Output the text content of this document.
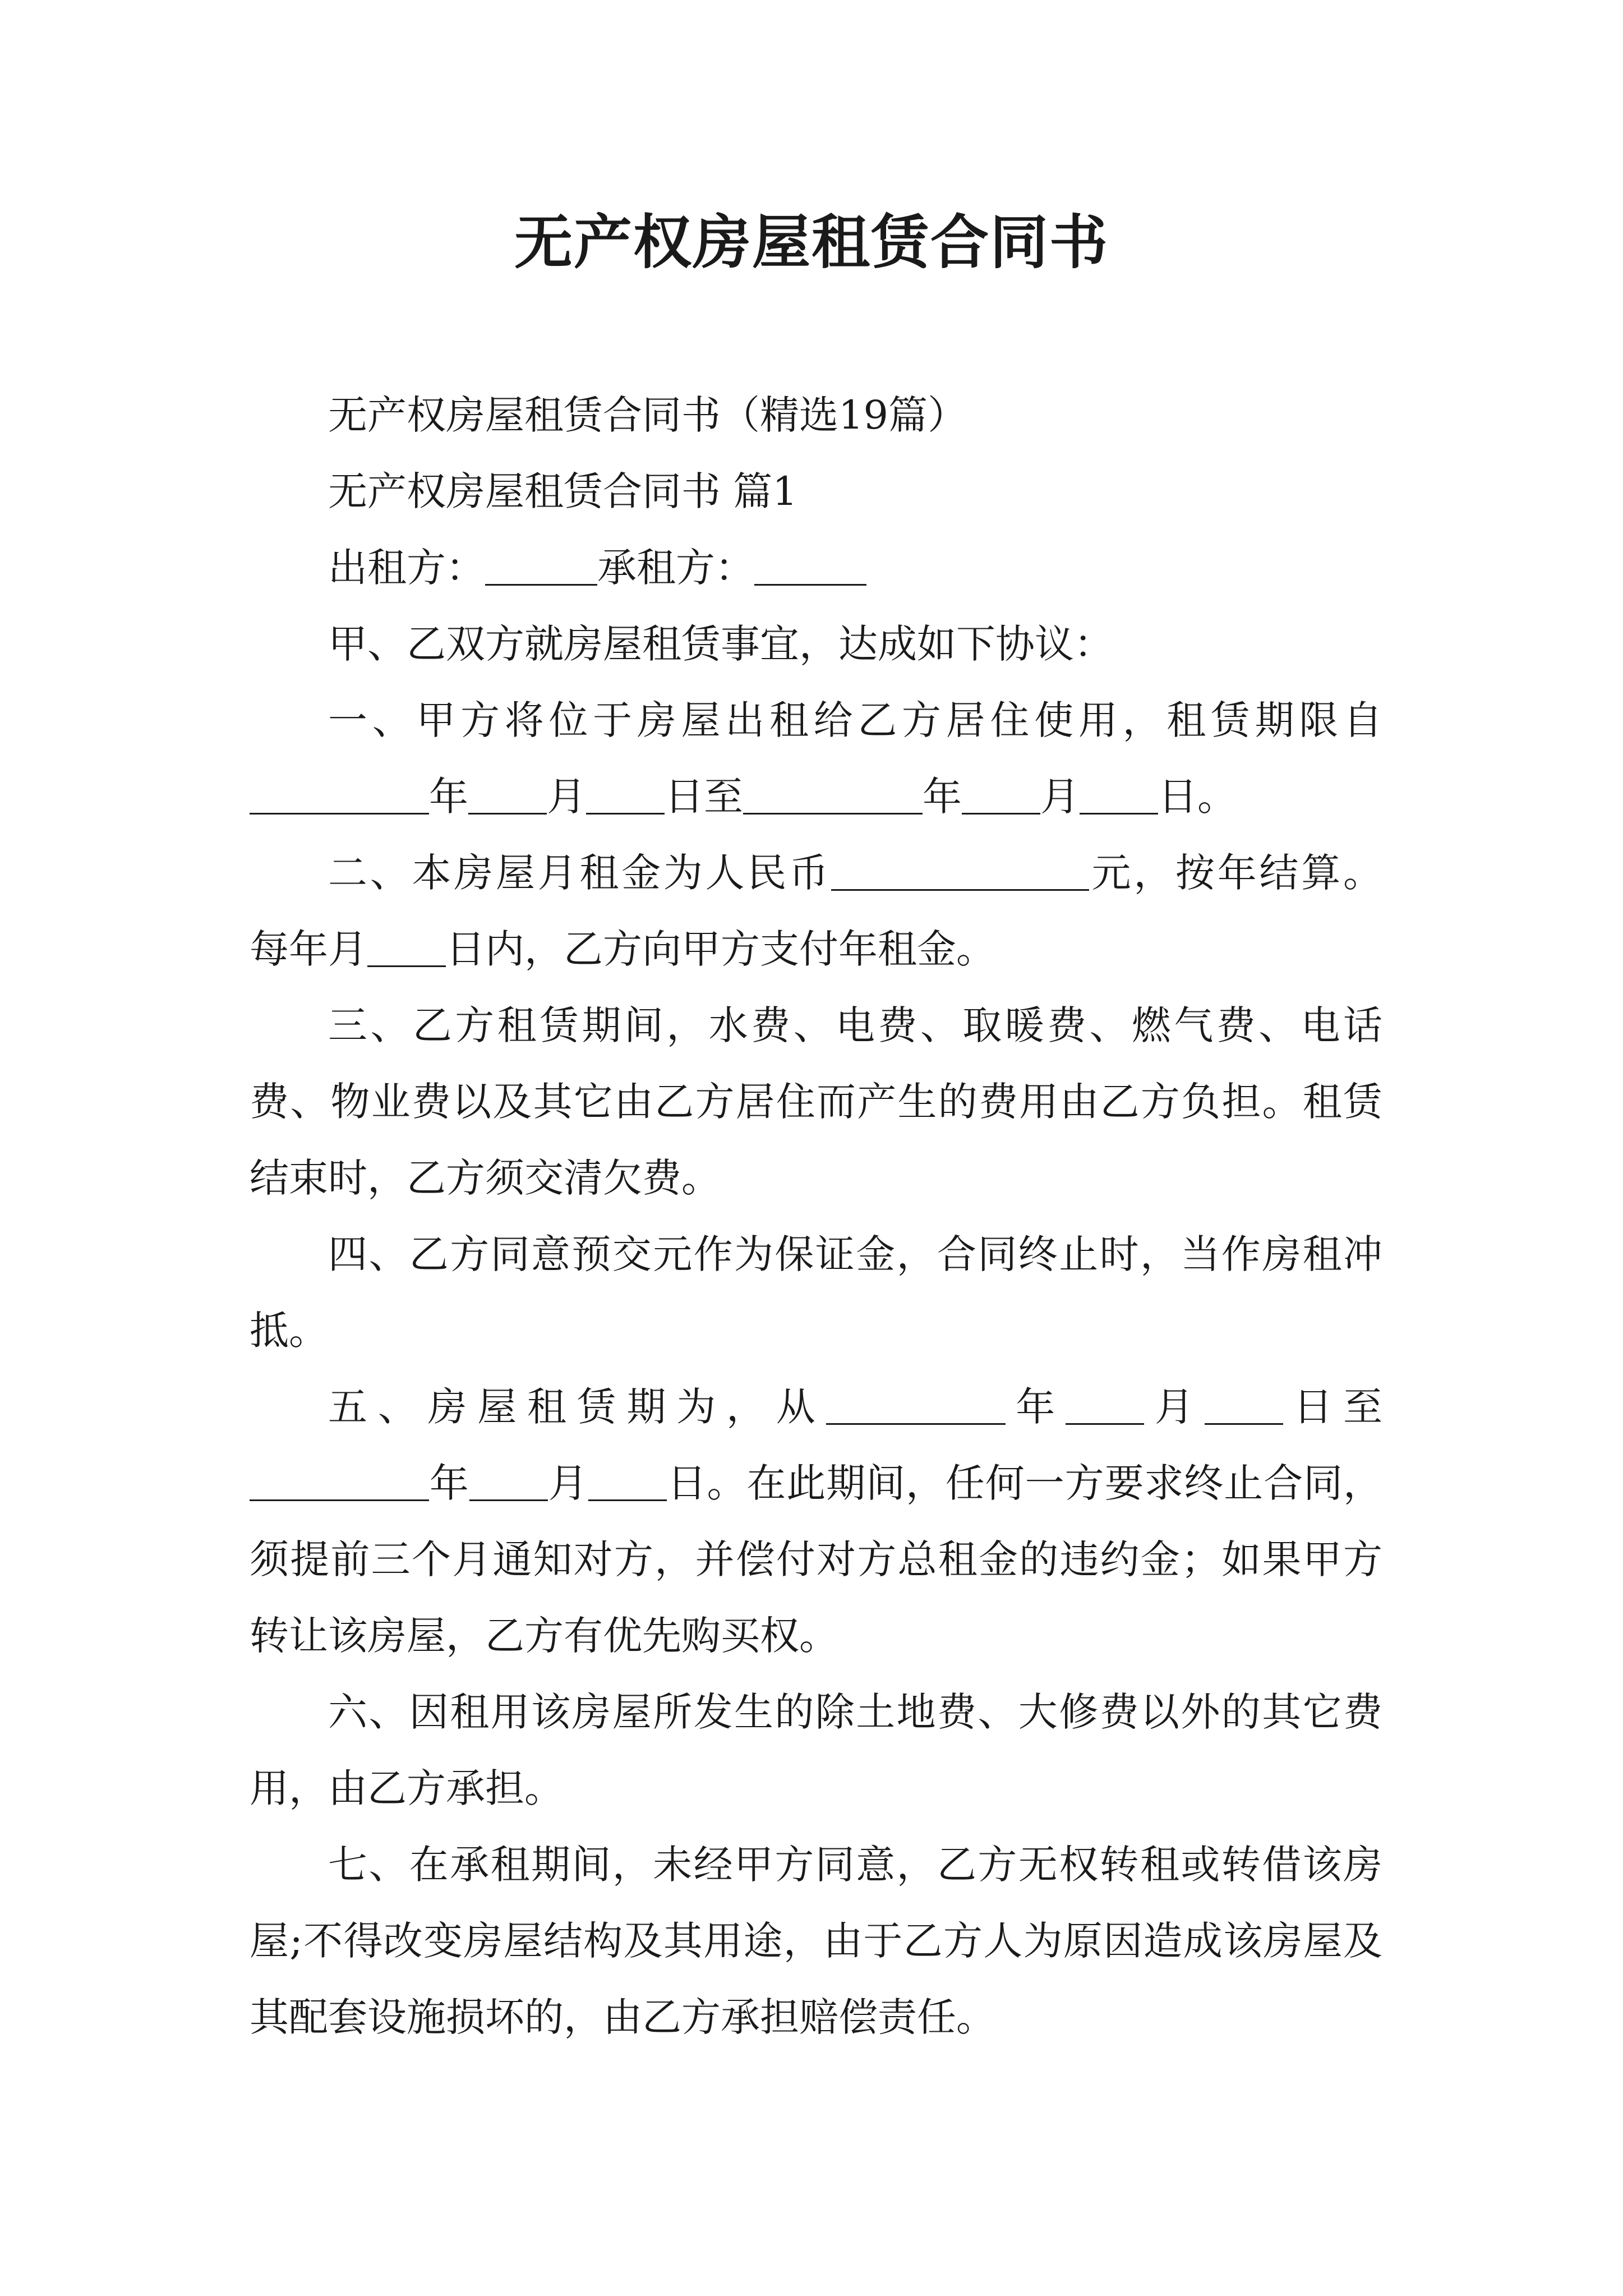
无产权房屋租赁合同书

无产权房屋租赁合同书（精选19篇）

无产权房屋租赁合同书 篇1

出租方：	承租方：

甲、乙双方就房屋租赁事宜，达成如下协议：

一、甲方将位于房屋出租给乙方居住使用，租赁期限自

年 月 日至	年 月 日。

二、本房屋月租金为人民币	元，按年结算。

每年月 日内，乙方向甲方支付年租金。

三、乙方租赁期间，水费、电费、取暖费、燃气费、电话费、物业费以及其它由乙方居住而产生的费用由乙方负担。租赁结束时，乙方须交清欠费。

四、乙方同意预交元作为保证金，合同终止时，当作房租冲抵。

五、房屋租赁期为，从	年 月 日至

年 月 日。在此期间，任何一方要求终止合同，须提前三个月通知对方，并偿付对方总租金的违约金；如果甲方转让该房屋，乙方有优先购买权。

六、因租用该房屋所发生的除土地费、大修费以外的其它费用，由乙方承担。

七、在承租期间，未经甲方同意，乙方无权转租或转借该房屋;不得改变房屋结构及其用途，由于乙方人为原因造成该房屋及其配套设施损坏的，由乙方承担赔偿责任。
